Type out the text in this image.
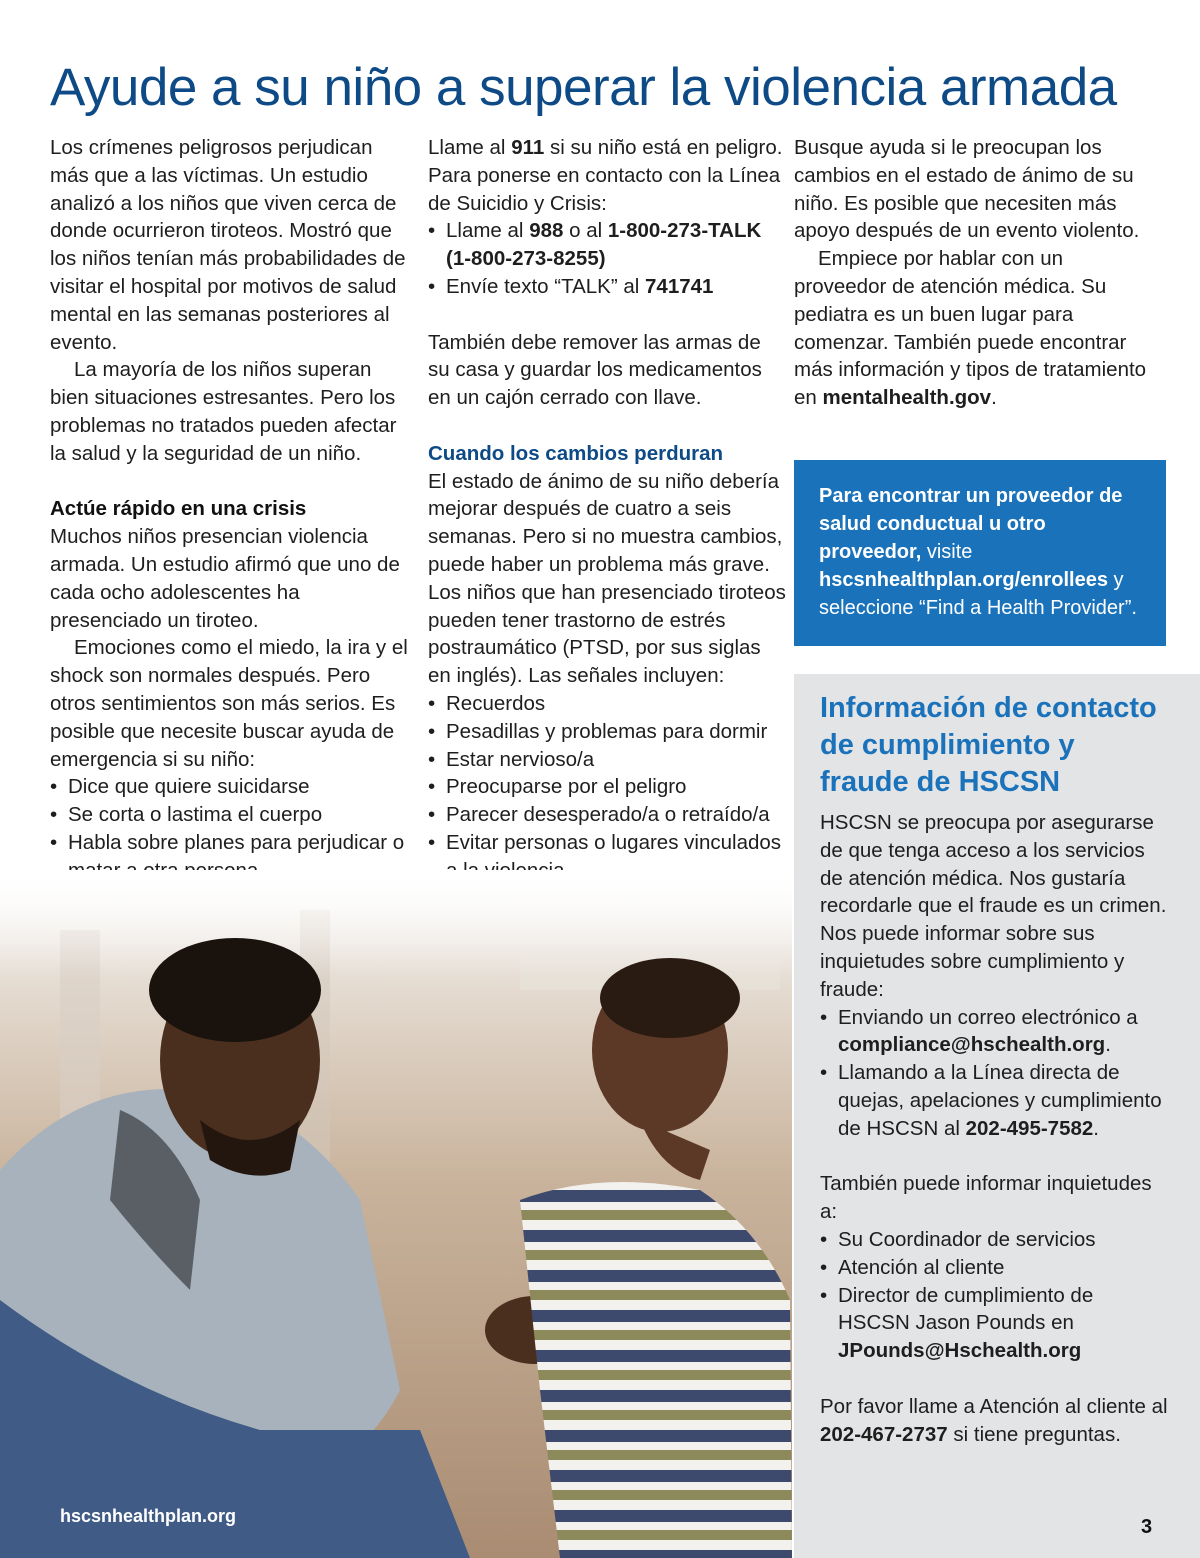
Ayude a su niño a superar la violencia armada

Los crímenes peligrosos perjudican más que a las víctimas. Un estudio analizó a los niños que viven cerca de donde ocurrieron tiroteos. Mostró que los niños tenían más probabilidades de visitar el hospital por motivos de salud mental en las semanas posteriores al evento.

La mayoría de los niños superan bien situaciones estresantes. Pero los problemas no tratados pueden afectar la salud y la seguridad de un niño.

Actúe rápido en una crisis

Muchos niños presencian violencia armada. Un estudio afirmó que uno de cada ocho adolescentes ha presenciado un tiroteo.

Emociones como el miedo, la ira y el shock son normales después. Pero otros sentimientos son más serios. Es posible que necesite buscar ayuda de emergencia si su niño:

• Dice que quiere suicidarse
• Se corta o lastima el cuerpo
• Habla sobre planes para perjudicar o
•

Llame al 911 si su niño está en peligro. Para ponerse en contacto con la Línea de Suicidio y Crisis:

• Llame al 988 o al 1-800-273-TALK (1-800-273-8255)
• Envíe texto “TALK” al 741741

También debe remover las armas de su casa y guardar los medicamentos en un cajón cerrado con llave.

Cuando los cambios perduran

El estado de ánimo de su niño debería mejorar después de cuatro a seis semanas. Pero si no muestra cambios, puede haber un problema más grave. Los niños que han presenciado tiroteos pueden tener trastorno de estrés postraumático (PTSD, por sus siglas en inglés). Las señales incluyen:

• Recuerdos
• Pesadillas y problemas para dormir
• Estar nervioso/a
• Preocuparse por el peligro
• Parecer desesperado/a o retraído/a
• Evitar personas o lugares vinculados
•

Busque ayuda si le preocupan los cambios en el estado de ánimo de su niño. Es posible que necesiten más apoyo después de un evento violento.

Empiece por hablar con un proveedor de atención médica. Su pediatra es un buen lugar para comenzar. También puede encontrar más información y tipos de tratamiento en mentalhealth.gov.

Para encontrar un proveedor de salud conductual u otro proveedor, visite hscsnhealthplan.org/enrollees y seleccione “Find a Health Provider”.
Información de contacto de cumplimiento y fraude de HSCSN

HSCSN se preocupa por asegurarse de que tenga acceso a los servicios de atención médica. Nos gustaría recordarle que el fraude es un crimen. Nos puede informar sobre sus inquietudes sobre cumplimiento y fraude:

• Enviando un correo electrónico a compliance@hschealth.org.
• Llamando a la Línea directa de quejas, apelaciones y cumplimiento de HSCSN al 202-495-7582.

También puede informar inquietudes a:

• Su Coordinador de servicios
• Atención al cliente
• Director de cumplimiento de HSCSN Jason Pounds en JPounds@Hschealth.org

Por favor llame a Atención al cliente al 202-467-2737 si tiene preguntas.

hscsnhealthplan.org	3
